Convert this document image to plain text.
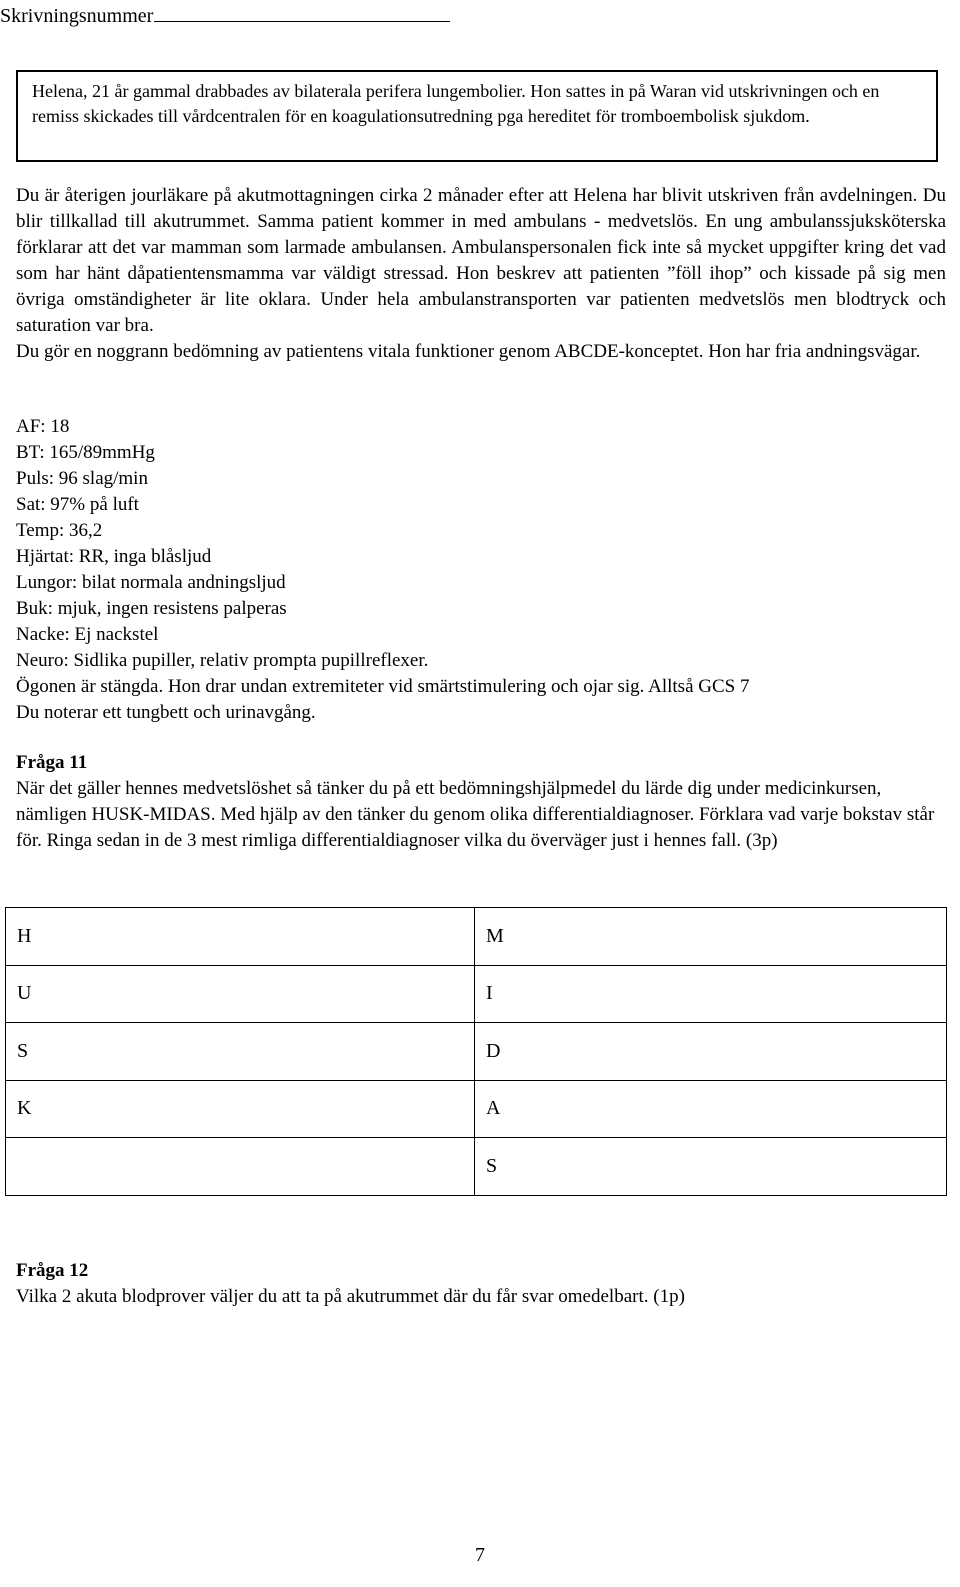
Skrivningsnummer
Helena, 21 år gammal drabbades av bilaterala perifera lungembolier. Hon sattes in på Waran vid utskrivningen och en remiss skickades till vårdcentralen för en koagulationsutredning pga hereditet för tromboembolisk sjukdom.

Du är återigen jourläkare på akutmottagningen cirka 2 månader efter att Helena har blivit utskriven från avdelningen. Du blir tillkallad till akutrummet. Samma patient kommer in med ambulans - medvetslös. En ung ambulanssjuksköterska förklarar att det var mamman som larmade ambulansen. Ambulanspersonalen fick inte så mycket uppgifter kring det vad som har hänt dåpatientensmamma var väldigt stressad. Hon beskrev att patienten ”föll ihop” och kissade på sig men övriga omständigheter är lite oklara. Under hela ambulanstransporten var patienten medvetslös men blodtryck och saturation var bra.

Du gör en noggrann bedömning av patientens vitala funktioner genom ABCDE-konceptet. Hon har fria andningsvägar.

AF: 18

BT: 165/89mmHg

Puls: 96 slag/min

Sat: 97% på luft

Temp: 36,2

Hjärtat: RR, inga blåsljud

Lungor: bilat normala andningsljud

Buk: mjuk, ingen resistens palperas

Nacke: Ej nackstel

Neuro: Sidlika pupiller, relativ prompta pupillreflexer.

Ögonen är stängda. Hon drar undan extremiteter vid smärtstimulering och ojar sig. Alltså GCS 7

Du noterar ett tungbett och urinavgång.

Fråga 11

När det gäller hennes medvetslöshet så tänker du på ett bedömningshjälpmedel du lärde dig under medicinkursen, nämligen HUSK-MIDAS. Med hjälp av den tänker du genom olika differentialdiagnoser. Förklara vad varje bokstav står för. Ringa sedan in de 3 mest rimliga differentialdiagnoser vilka du överväger just i hennes fall. (3p)

H	M
U	I
S	D
K	A
	S

Fråga 12

Vilka 2 akuta blodprover väljer du att ta på akutrummet där du får svar omedelbart. (1p)

7
